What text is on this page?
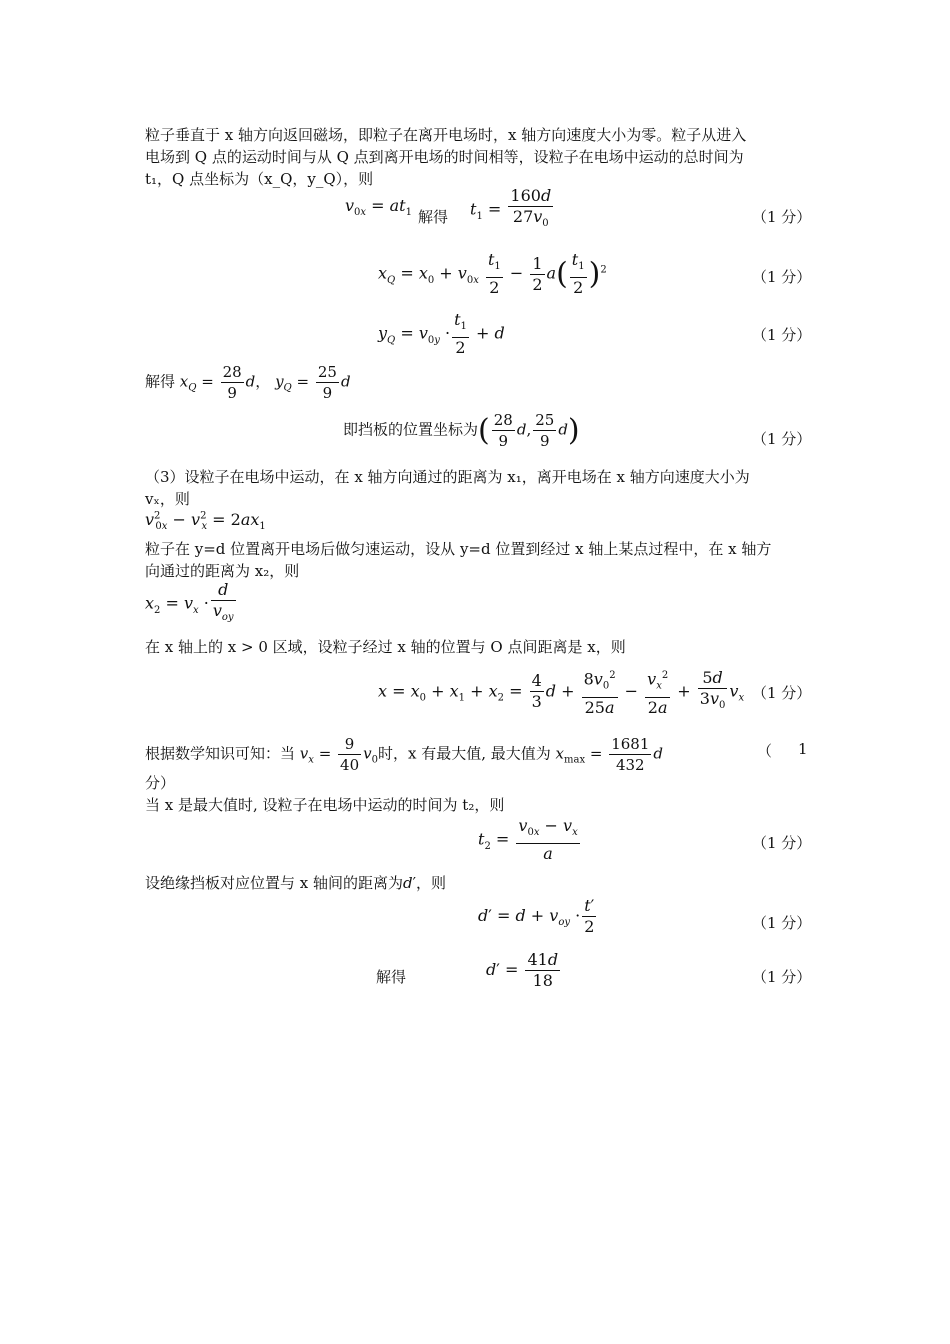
粒子垂直于 x 轴方向返回磁场，即粒子在离开电场时，x 轴方向速度大小为零。粒子从进入
电场到 Q 点的运动时间与从 Q 点到离开电场的时间相等，设粒子在电场中运动的总时间为
t₁，Q 点坐标为（x_Q，y_Q），则
$v_{0x} = at_1$ 解得 $t_1 = \frac{160d}{27v_0}$	（1 分）
$x_Q = x_0 + v_{0x} \frac{t_1}{2} - \frac{1}{2} a( \frac{t_1}{2} )^2$	（1 分）
$y_Q = v_{0y} \cdot \frac{t_1}{2} + d$	（1 分）
解得 $x_Q = \frac{28}{9}$ d， $y_Q = \frac{25}{9}$ d
即挡板的位置坐标为( $\frac{28}{9} d$, $\frac{25}{9} d$)	（1 分）
（3）设粒子在电场中运动，在 x 轴方向通过的距离为 x₁，离开电场在 x 轴方向速度大小为
vₓ，则
$v^2_{0x} - v^2_x = 2ax_1$
粒子在 y=d 位置离开电场后做匀速运动，设从 y=d 位置到经过 x 轴上某点过程中，在 x 轴方
向通过的距离为 x₂，则
$x_2 = v_x \cdot \frac{d}{v_{oy}}$
在 x 轴上的 x > 0 区域，设粒子经过 x 轴的位置与 O 点间距离是 x，则
$x = x_0 + x_1 + x_2 = \frac{4}{3}$ $d + \frac{8v_0^2}{25a} - \frac{v_x^2}{2a} + \frac{5d}{3v_0} v_x$ （1 分）
根据数学知识可知：当 $v_x = \frac{9}{40} v_0$时，x 有最大值, 最大值为 $x_{max} = \frac{1681}{432}$ d	（ 1
分）
当 x 是最大值时, 设粒子在电场中运动的时间为 t₂，则
$t_2 = \frac{v_{0x} - v_x}{a}$	（1 分）
设绝缘挡板对应位置与 x 轴间的距离为d′，则
$d' = d + v_{oy} \cdot \frac{t'}{2}$	（1 分）
解得	$d' = \frac{41d}{18}$	（1 分）
